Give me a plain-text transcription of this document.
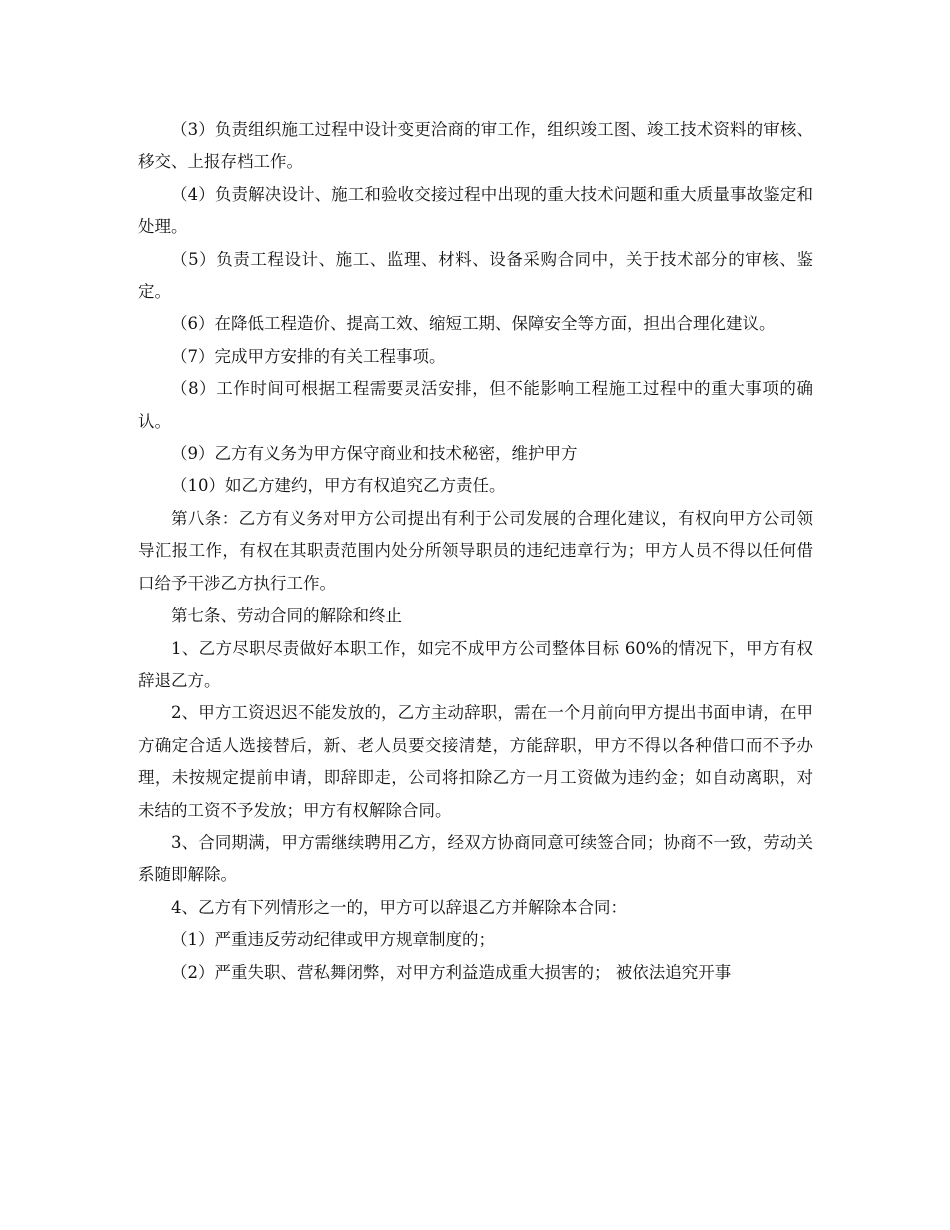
（3）负责组织施工过程中设计变更洽商的审工作，组织竣工图、竣工技术资料的审核、移交、上报存档工作。

（4）负责解决设计、施工和验收交接过程中出现的重大技术问题和重大质量事故鉴定和处理。

（5）负责工程设计、施工、监理、材料、设备采购合同中，关于技术部分的审核、鉴定。

（6）在降低工程造价、提高工效、缩短工期、保障安全等方面，担出合理化建议。

（7）完成甲方安排的有关工程事项。

（8）工作时间可根据工程需要灵活安排，但不能影响工程施工过程中的重大事项的确认。

（9）乙方有义务为甲方保守商业和技术秘密，维护甲方

（10）如乙方建约，甲方有权追究乙方责任。

第八条：乙方有义务对甲方公司提出有利于公司发展的合理化建议，有权向甲方公司领导汇报工作，有权在其职责范围内处分所领导职员的违纪违章行为；甲方人员不得以任何借口给予干涉乙方执行工作。

第七条、劳动合同的解除和终止

1、乙方尽职尽责做好本职工作，如完不成甲方公司整体目标 60%的情况下，甲方有权辞退乙方。

2、甲方工资迟迟不能发放的，乙方主动辞职，需在一个月前向甲方提出书面申请，在甲方确定合适人选接替后，新、老人员要交接清楚，方能辞职，甲方不得以各种借口而不予办理，未按规定提前申请，即辞即走，公司将扣除乙方一月工资做为违约金；如自动离职，对未结的工资不予发放；甲方有权解除合同。

3、合同期满，甲方需继续聘用乙方，经双方协商同意可续签合同；协商不一致，劳动关系随即解除。

4、乙方有下列情形之一的，甲方可以辞退乙方并解除本合同：

（1）严重违反劳动纪律或甲方规章制度的；

（2）严重失职、营私舞闭弊，对甲方利益造成重大损害的； 被依法追究开事
